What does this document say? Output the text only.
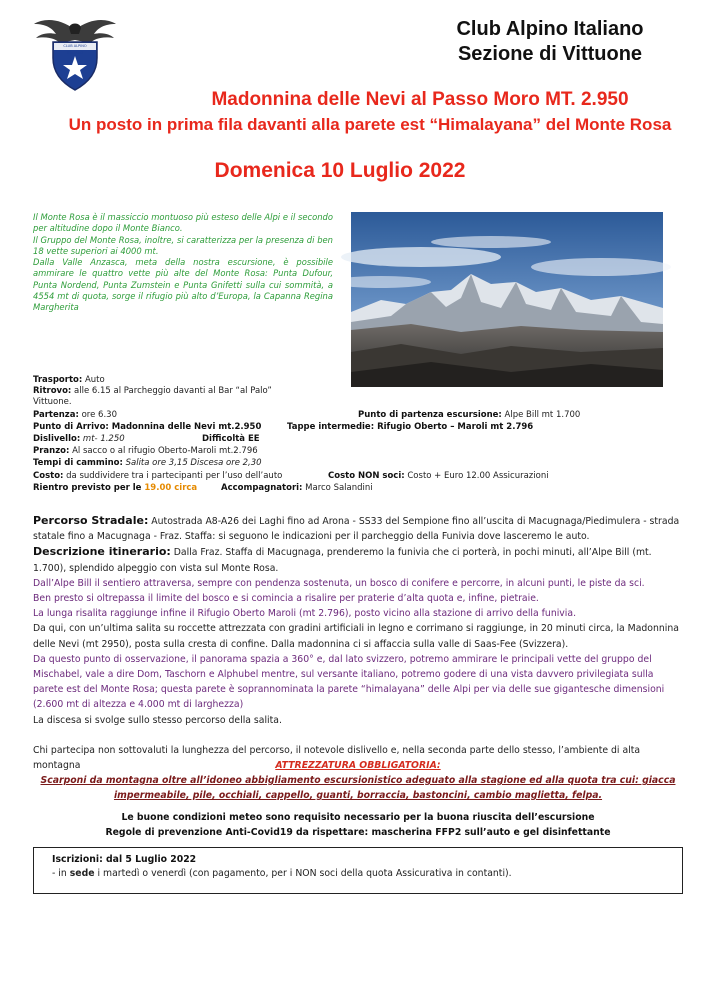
CLUB ALPINO ITALIANO
Club Alpino Italiano
Sezione di Vittuone
Madonnina delle Nevi al Passo Moro MT. 2.950
Un posto in prima fila davanti alla parete est “Himalayana” del Monte Rosa
Domenica 10 Luglio 2022

Il Monte Rosa è il massiccio montuoso più esteso delle Alpi e il secondo per altitudine dopo il Monte Bianco.

Il Gruppo del Monte Rosa, inoltre, si caratterizza per la presenza di ben 18 vette superiori ai 4000 mt.

Dalla Valle Anzasca, meta della nostra escursione, è possibile ammirare le quattro vette più alte del Monte Rosa: Punta Dufour, Punta Nordend, Punta Zumstein e Punta Gnifetti sulla cui sommità, a 4554 mt di quota, sorge il rifugio più alto d’Europa, la Capanna Regina Margherita

Trasporto: Auto
Ritrovo: alle 6.15 al Parcheggio davanti al Bar “al Palo”
Vittuone.
Partenza: ore 6.30	Punto di partenza escursione: Alpe Bill mt 1.700
Punto di Arrivo: Madonnina delle Nevi mt.2.950	Tappe intermedie: Rifugio Oberto – Maroli mt 2.796
Dislivello: mt- 1.250	Difficoltà EE
Pranzo: Al sacco o al rifugio Oberto-Maroli mt.2.796
Tempi di cammino: Salita ore 3,15 Discesa ore 2,30
Costo: da suddividere tra i partecipanti per l’uso dell’auto	Costo NON soci: Costo + Euro 12.00 Assicurazioni
Rientro previsto per le 19.00 circa	Accompagnatori: Marco Salandini

Percorso Stradale: Autostrada A8-A26 dei Laghi fino ad Arona - SS33 del Sempione fino all’uscita di Macugnaga/Piedimulera - strada statale fino a Macugnaga - Fraz. Staffa: si seguono le indicazioni per il parcheggio della Funivia dove lasceremo le auto.

Descrizione itinerario: Dalla Fraz. Staffa di Macugnaga, prenderemo la funivia che ci porterà, in pochi minuti, all’Alpe Bill (mt. 1.700), splendido alpeggio con vista sul Monte Rosa.

Dall’Alpe Bill il sentiero attraversa, sempre con pendenza sostenuta, un bosco di conifere e percorre, in alcuni punti, le piste da sci.

Ben presto si oltrepassa il limite del bosco e si comincia a risalire per praterie d’alta quota e, infine, pietraie.

La lunga risalita raggiunge infine il Rifugio Oberto Maroli (mt 2.796), posto vicino alla stazione di arrivo della funivia.

Da qui, con un’ultima salita su roccette attrezzata con gradini artificiali in legno e corrimano si raggiunge, in 20 minuti circa, la Madonnina delle Nevi (mt 2950), posta sulla cresta di confine. Dalla madonnina ci si affaccia sulla valle di Saas-Fee (Svizzera).

Da questo punto di osservazione, il panorama spazia a 360° e, dal lato svizzero, potremo ammirare le principali vette del gruppo del Mischabel, vale a dire Dom, Taschorn e Alphubel mentre, sul versante italiano, potremo godere di una vista davvero privilegiata sulla parete est del Monte Rosa; questa parete è soprannominata la parete “himalayana” delle Alpi per via delle sue gigantesche dimensioni (2.600 mt di altezza e 4.000 mt di larghezza)

La discesa si svolge sullo stesso percorso della salita.

Chi partecipa non sottovaluti la lunghezza del percorso, il notevole dislivello e, nella seconda parte dello stesso, l’ambiente di alta montagna	ATTREZZATURA OBBLIGATORIA:
Scarponi da montagna oltre all’idoneo abbigliamento escursionistico adeguato alla stagione ed alla quota tra cui: giacca impermeabile, pile, occhiali, cappello, guanti, borraccia, bastoncini, cambio maglietta, felpa.
Le buone condizioni meteo sono requisito necessario per la buona riuscita dell’escursione
Regole di prevenzione Anti-Covid19 da rispettare: mascherina FFP2 sull’auto e gel disinfettante
Iscrizioni: dal 5 Luglio 2022
- in sede i martedì o venerdì (con pagamento, per i NON soci della quota Assicurativa in contanti).
